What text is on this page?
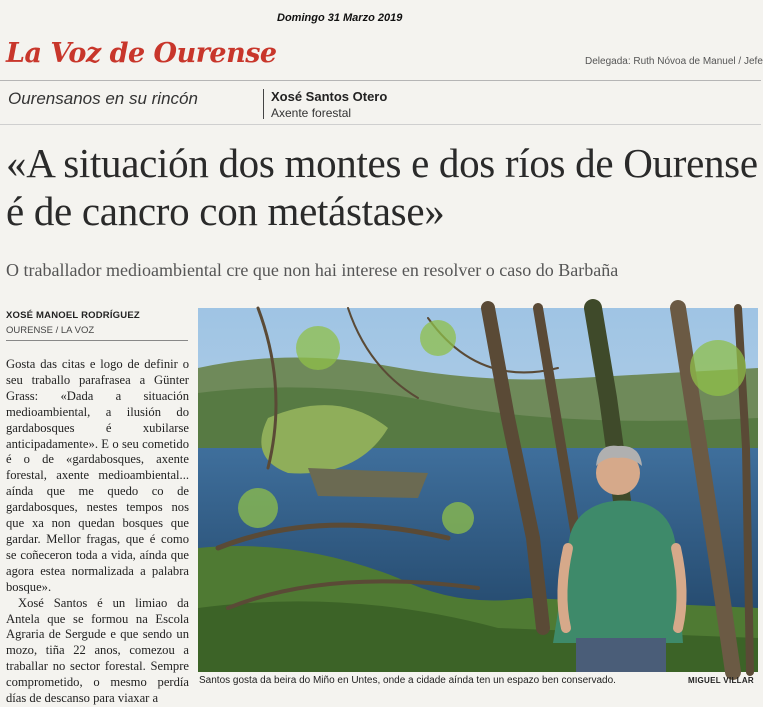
Domingo 31 Marzo 2019
La Voz de Ourense	Delegada: Ruth Nóvoa de Manuel / Jefe
Ourensanos en su rincón	Xosé Santos Otero
Axente forestal
«A situación dos montes e dos ríos de Ourense é de cancro con metástase»
O traballador medioambiental cre que non hai interese en resolver o caso do Barbaña
XOSÉ MANOEL RODRÍGUEZ
OURENSE / LA VOZ

Gosta das citas e logo de definir o seu traballo parafrasea a Günter Grass: «Dada a situación medioambiental, a ilusión do gardabosques é xubilarse anticipadamente». E o seu cometido é o de «gardabosques, axente forestal, axente medioambiental... aínda que me quedo co de gardabosques, nestes tempos nos que xa non quedan bosques que gardar. Mellor fragas, que é como se coñeceron toda a vida, aínda que agora estea normalizada a palabra bosque».

Xosé Santos é un limiao da Antela que se formou na Escola Agraria de Sergude e que sendo un mozo, tiña 22 anos, comezou a traballar no sector forestal. Sempre comprometido, o mesmo perdía días de descanso para viaxar a

Santos gosta da beira do Miño en Untes, onde a cidade aínda ten un espazo ben conservado.	MIGUEL VILLAR
